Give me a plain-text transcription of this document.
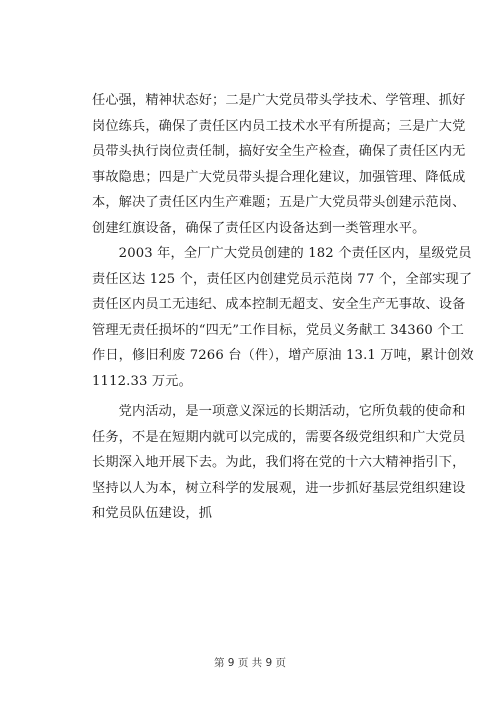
任心强，精神状态好；二是广大党员带头学技术、学管理、抓好
岗位练兵，确保了责任区内员工技术水平有所提高；三是广大党
员带头执行岗位责任制，搞好安全生产检查，确保了责任区内无
事故隐患；四是广大党员带头提合理化建议，加强管理、降低成
本，解决了责任区内生产难题；五是广大党员带头创建示范岗、
创建红旗设备，确保了责任区内设备达到一类管理水平。
　　2003 年，全厂广大党员创建的 182 个责任区内，星级党员
责任区达 125 个，责任区内创建党员示范岗 77 个，全部实现了
责任区内员工无违纪、成本控制无超支、安全生产无事故、设备
管理无责任损坏的“四无”工作目标，党员义务献工 34360 个工
作日，修旧利废 7266 台（件），增产原油 13.1 万吨，累计创效
1112.33 万元。
　　党内活动，是一项意义深远的长期活动，它所负载的使命和
任务，不是在短期内就可以完成的，需要各级党组织和广大党员
长期深入地开展下去。为此，我们将在党的十六大精神指引下，
坚持以人为本，树立科学的发展观，进一步抓好基层党组织建设
和党员队伍建设，抓
第 9 页 共 9 页
